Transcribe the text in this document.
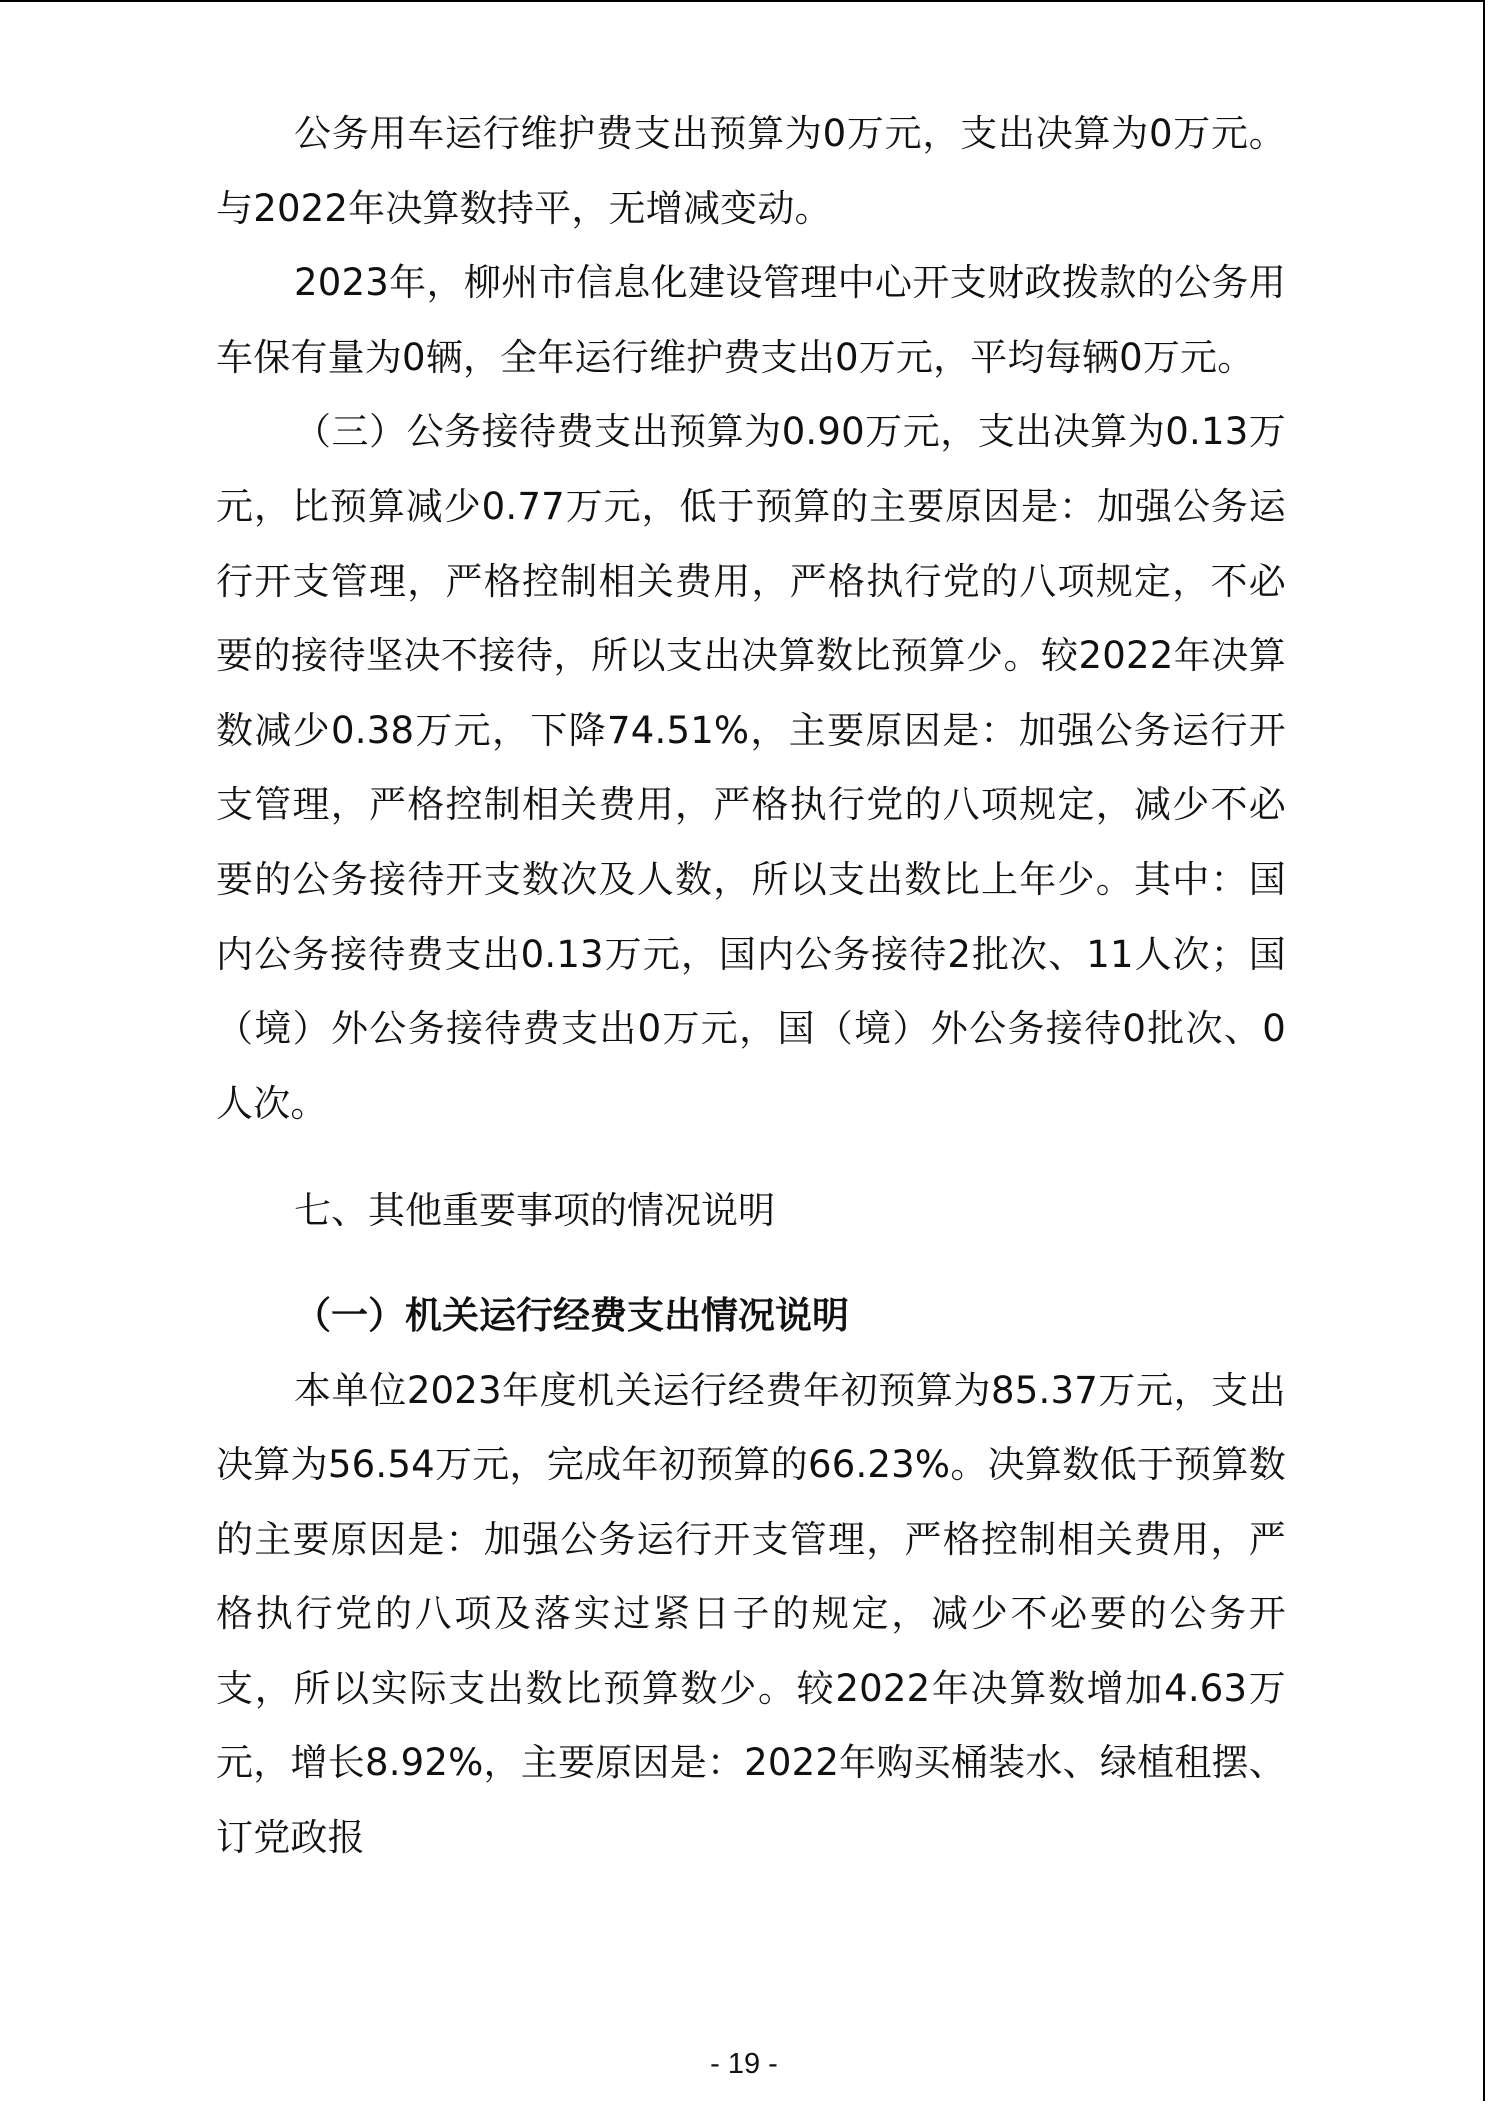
公务用车运行维护费支出预算为0万元，支出决算为0万元。与2022年决算数持平，无增减变动。

2023年，柳州市信息化建设管理中心开支财政拨款的公务用车保有量为0辆，全年运行维护费支出0万元，平均每辆0万元。

（三）公务接待费支出预算为0.90万元，支出决算为0.13万元，比预算减少0.77万元，低于预算的主要原因是：加强公务运行开支管理，严格控制相关费用，严格执行党的八项规定，不必要的接待坚决不接待，所以支出决算数比预算少。较2022年决算数减少0.38万元，下降74.51%，主要原因是：加强公务运行开支管理，严格控制相关费用，严格执行党的八项规定，减少不必要的公务接待开支数次及人数，所以支出数比上年少。其中：国内公务接待费支出0.13万元，国内公务接待2批次、11人次；国（境）外公务接待费支出0万元，国（境）外公务接待0批次、0人次。

七、其他重要事项的情况说明
（一）机关运行经费支出情况说明

本单位2023年度机关运行经费年初预算为85.37万元，支出决算为56.54万元，完成年初预算的66.23%。决算数低于预算数的主要原因是：加强公务运行开支管理，严格控制相关费用，严格执行党的八项及落实过紧日子的规定，减少不必要的公务开支，所以实际支出数比预算数少。较2022年决算数增加4.63万元，增长8.92%，主要原因是：2022年购买桶装水、绿植租摆、订党政报

- 19 -
